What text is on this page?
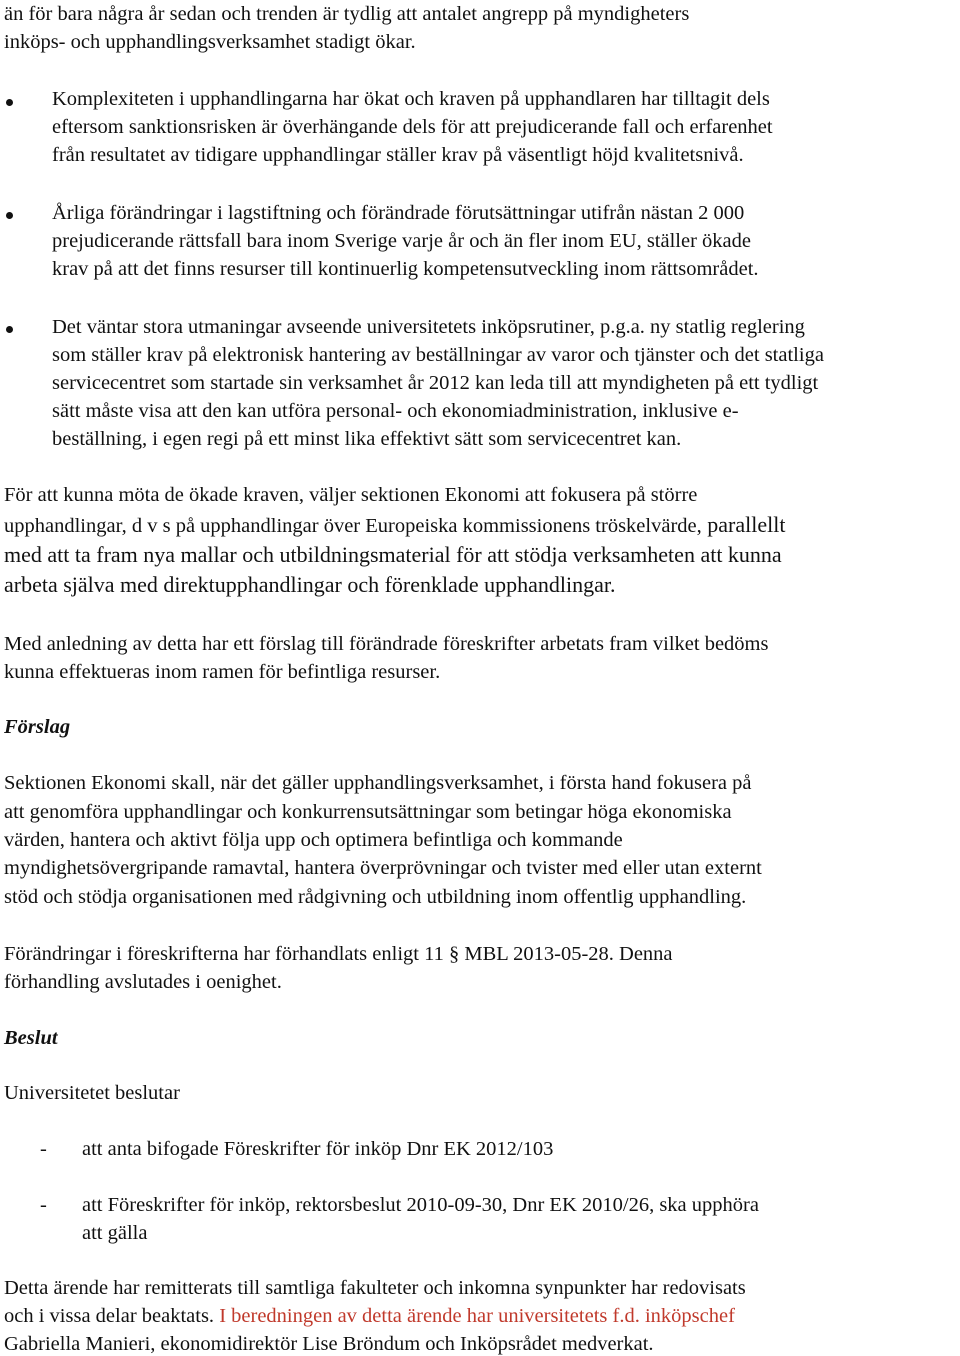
än för bara några år sedan och trenden är tydlig att antalet angrepp på myndigheters
inköps- och upphandlingsverksamhet stadigt ökar.
Komplexiteten i upphandlingarna har ökat och kraven på upphandlaren har tilltagit dels
eftersom sanktionsrisken är överhängande dels för att prejudicerande fall och erfarenhet
från resultatet av tidigare upphandlingar ställer krav på väsentligt höjd kvalitetsnivå.
Årliga förändringar i lagstiftning och förändrade förutsättningar utifrån nästan 2 000
prejudicerande rättsfall bara inom Sverige varje år och än fler inom EU, ställer ökade
krav på att det finns resurser till kontinuerlig kompetensutveckling inom rättsområdet.
Det väntar stora utmaningar avseende universitetets inköpsrutiner, p.g.a. ny statlig reglering
som ställer krav på elektronisk hantering av beställningar av varor och tjänster och det statliga
servicecentret som startade sin verksamhet år 2012 kan leda till att myndigheten på ett tydligt
sätt måste visa att den kan utföra personal- och ekonomiadministration, inklusive e-
beställning, i egen regi på ett minst lika effektivt sätt som servicecentret kan.
För att kunna möta de ökade kraven, väljer sektionen Ekonomi att fokusera på större
upphandlingar, d v s på upphandlingar över Europeiska kommissionens tröskelvärde, parallellt
med att ta fram nya mallar och utbildningsmaterial för att stödja verksamheten att kunna
arbeta själva med direktupphandlingar och förenklade upphandlingar.
Med anledning av detta har ett förslag till förändrade föreskrifter arbetats fram vilket bedöms
kunna effektueras inom ramen för befintliga resurser.
Förslag
Sektionen Ekonomi skall, när det gäller upphandlingsverksamhet, i första hand fokusera på
att genomföra upphandlingar och konkurrensutsättningar som betingar höga ekonomiska
värden, hantera och aktivt följa upp och optimera befintliga och kommande
myndighetsövergripande ramavtal, hantera överprövningar och tvister med eller utan externt
stöd och stödja organisationen med rådgivning och utbildning inom offentlig upphandling.
Förändringar i föreskrifterna har förhandlats enligt 11 § MBL 2013-05-28. Denna
förhandling avslutades i oenighet.
Beslut
Universitetet beslutar
- att anta bifogade Föreskrifter för inköp Dnr EK 2012/103
- att Föreskrifter för inköp, rektorsbeslut 2010-09-30, Dnr EK 2010/26, ska upphöra
att gälla
Detta ärende har remitterats till samtliga fakulteter och inkomna synpunkter har redovisats
och i vissa delar beaktats. I beredningen av detta ärende har universitetets f.d. inköpschef
Gabriella Manieri, ekonomidirektör Lise Bröndum och Inköpsrådet medverkat.
